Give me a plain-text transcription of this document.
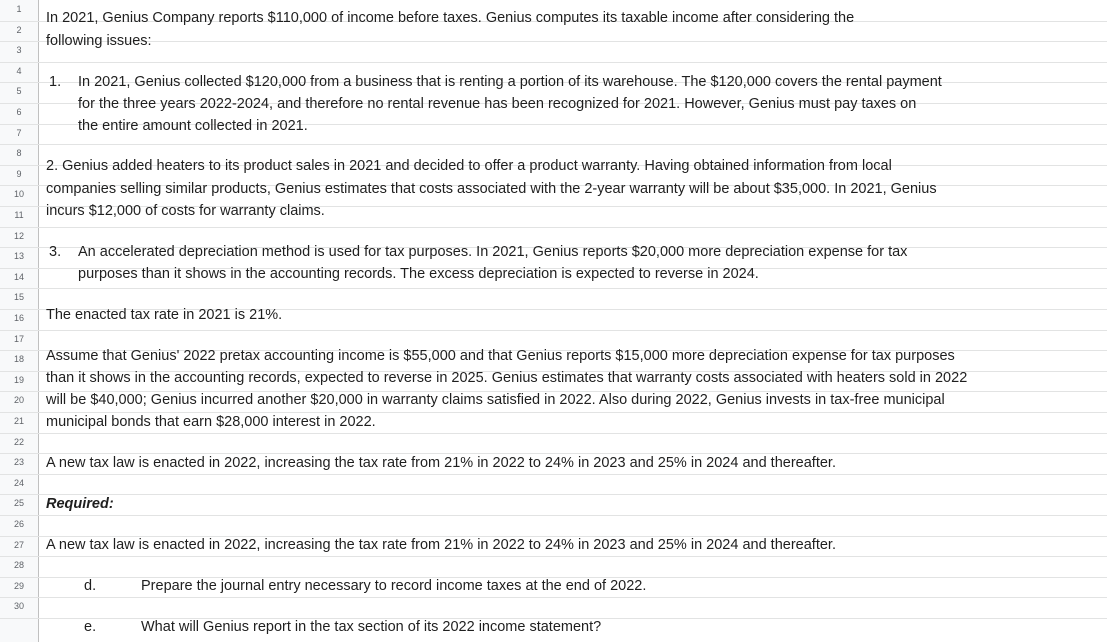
1
2
3
4
5
6
7
8
9
10
11
12
13
14
15
16
17
18
19
20
21
22
23
24
25
26
27
28
29
30
In 2021, Genius Company reports $110,000 of income before taxes. Genius computes its taxable income after considering the
following issues:
1. In 2021, Genius collected $120,000 from a business that is renting a portion of its warehouse. The $120,000 covers the rental payment
for the three years 2022-2024, and therefore no rental revenue has been recognized for 2021. However, Genius must pay taxes on
the entire amount collected in 2021.
2. Genius added heaters to its product sales in 2021 and decided to offer a product warranty. Having obtained information from local
companies selling similar products, Genius estimates that costs associated with the 2-year warranty will be about $35,000. In 2021, Genius
incurs $12,000 of costs for warranty claims.
3. An accelerated depreciation method is used for tax purposes. In 2021, Genius reports $20,000 more depreciation expense for tax
purposes than it shows in the accounting records. The excess depreciation is expected to reverse in 2024.
The enacted tax rate in 2021 is 21%.
Assume that Genius' 2022 pretax accounting income is $55,000 and that Genius reports $15,000 more depreciation expense for tax purposes
than it shows in the accounting records, expected to reverse in 2025. Genius estimates that warranty costs associated with heaters sold in 2022
will be $40,000; Genius incurred another $20,000 in warranty claims satisfied in 2022. Also during 2022, Genius invests in tax-free municipal
municipal bonds that earn $28,000 interest in 2022.
A new tax law is enacted in 2022, increasing the tax rate from 21% in 2022 to 24% in 2023 and 25% in 2024 and thereafter.
Required:
A new tax law is enacted in 2022, increasing the tax rate from 21% in 2022 to 24% in 2023 and 25% in 2024 and thereafter.
d.	Prepare the journal entry necessary to record income taxes at the end of 2022.
e.	What will Genius report in the tax section of its 2022 income statement?
